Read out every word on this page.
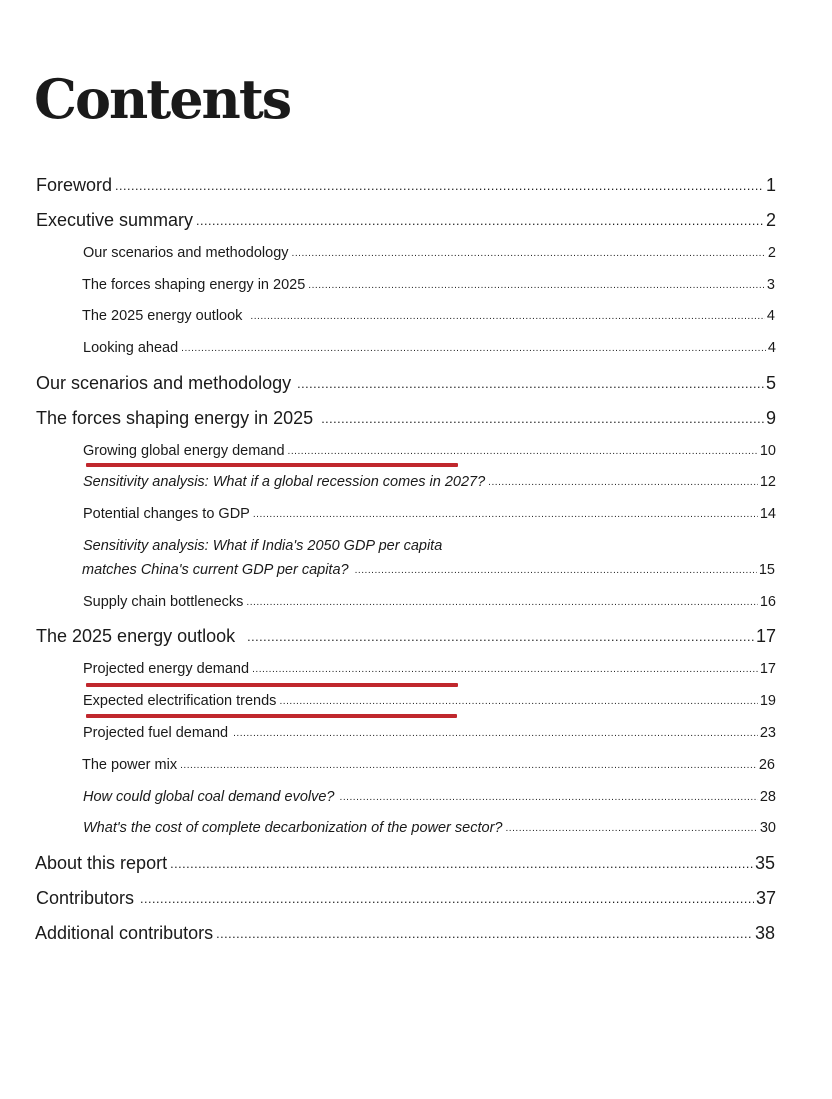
Contents
Foreword .....	1
Executive summary .....	2
Our scenarios and methodology .....	2
The forces shaping energy in 2025 .....	3
The 2025 energy outlook .....	4
Looking ahead .....	4
Our scenarios and methodology .....	5
The forces shaping energy in 2025 .....	9
Growing global energy demand .....	10
Sensitivity analysis: What if a global recession comes in 2027? .....	12
Potential changes to GDP .....	14
Sensitivity analysis: What if India's 2050 GDP per capita
matches China's current GDP per capita? .....	15
Supply chain bottlenecks .....	16
The 2025 energy outlook .....	17
Projected energy demand .....	17
Expected electrification trends .....	19
Projected fuel demand .....	23
The power mix .....	26
How could global coal demand evolve? .....	28
What's the cost of complete decarbonization of the power sector? .....	30
About this report .....	35
Contributors .....	37
Additional contributors .....	38
